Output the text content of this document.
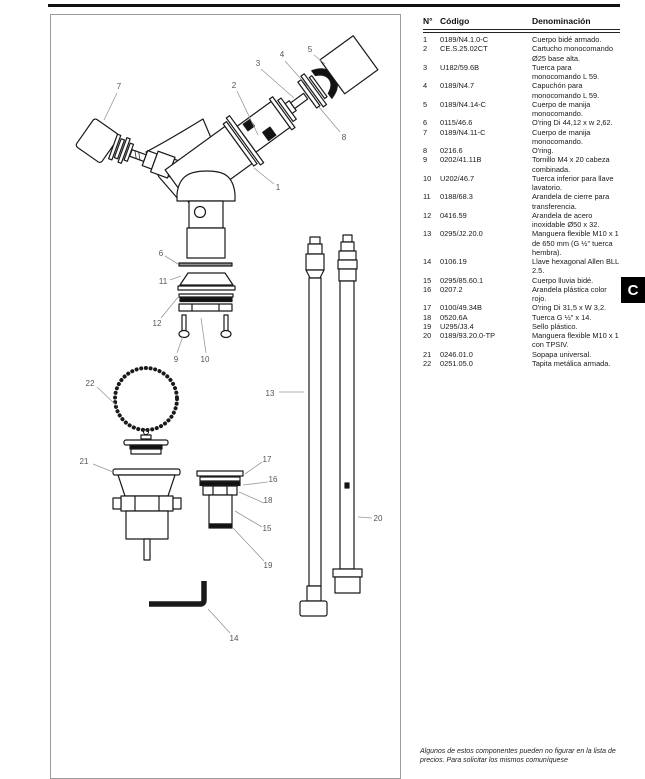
1
2
3
4
5
6
7
8
9	10
11
12
13
14
15
16
17
18
19
20
21
22
N° Código	Denominación
1	0189/N4.1.0-C	Cuerpo bidé armado.
2	CE.S.25.02CT	Cartucho monocomando Ø25 base alta.
3	U182/59.6B	Tuerca para monocomando L 59.
4	0189/N4.7	Capuchón para monocomando L 59.
5	0189/N4.14-C	Cuerpo de manija monocomando.
6	0115/46.6	O'ring Di 44,12 x w 2,62.
7	0189/N4.11-C	Cuerpo de manija monocomando.
8	0216.6	O'ring.
9	0202/41.11B	Tornillo M4 x 20 cabeza combinada.
10	U202/46.7	Tuerca inferior para llave lavatorio.
11	0188/68.3	Arandela de cierre para transferencia.
12	0416.59	Arandela de acero inoxidable Ø50 x 32.
13	0295/J2.20.0	Manguera flexible M10 x 1 de 650 mm (G ½" tuerca hembra).
14	0106.19	Llave hexagonal Allen BLL 2.5.
15	0295/85.60.1	Cuerpo lluvia bidé.
16	0207.2	Arandela plástica color rojo.
17	0100/49.34B	O'ring Di 31,5 x W 3,2.
18	0520.6A	Tuerca G ½" x 14.
19	U295/J3.4	Sello plástico.
20	0189/93.20.0-TP	Manguera flexible M10 x 1 con TPSIV.
21	0246.01.0	Sopapa universal.
22	0251.05.0	Tapita metálica armada.
Algunos de estos componentes pueden no figurar en la lista de precios. Para solicitar los mismos comuníquese
C
